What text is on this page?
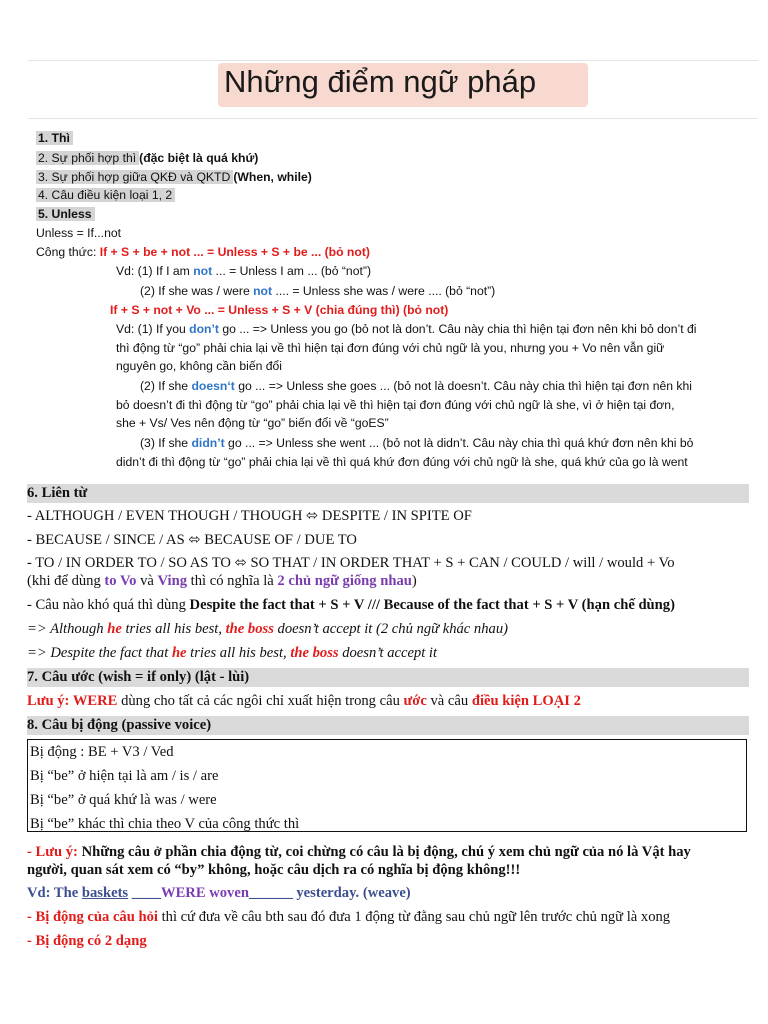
Những điểm ngữ pháp
1. Thì
2. Sự phối hợp thì (đặc biệt là quá khứ)
3. Sự phối hợp giữa QKĐ và QKTD (When, while)
4. Câu điều kiện loại 1, 2
5. Unless
Unless = If...not
Công thức: If + S + be + not ... = Unless + S + be ... (bỏ not)
Vd: (1) If I am not ... = Unless I am ... (bỏ “not”)
(2) If she was / were not .... = Unless she was / were .... (bỏ “not”)
If + S + not + Vo ... = Unless + S + V (chia đúng thì) (bỏ not)
Vd: (1) If you don’t go ... => Unless you go (bỏ not là don’t. Câu này chia thì hiện tại đơn nên khi bỏ don’t đi
thì động từ “go” phải chia lại về thì hiện tại đơn đúng với chủ ngữ là you, nhưng you + Vo nên vẫn giữ
nguyên go, không cần biến đổi
(2) If she doesn‘t go ... => Unless she goes ... (bỏ not là doesn’t. Câu này chia thì hiện tại đơn nên khi
bỏ doesn’t đi thì động từ “go” phải chia lại về thì hiện tại đơn đúng với chủ ngữ là she, vì ở hiện tại đơn,
she + Vs/ Ves nên động từ “go” biến đổi về “goES”
(3) If she didn’t go ... => Unless she went ... (bỏ not là didn’t. Câu này chia thì quá khứ đơn nên khi bỏ
didn’t đi thì động từ “go” phải chia lại về thì quá khứ đơn đúng với chủ ngữ là she, quá khứ của go là went
6. Liên từ
- ALTHOUGH / EVEN THOUGH / THOUGH ⬄ DESPITE / IN SPITE OF
- BECAUSE / SINCE / AS ⬄ BECAUSE OF / DUE TO
- TO / IN ORDER TO / SO AS TO ⬄ SO THAT / IN ORDER THAT + S + CAN / COULD / will / would + Vo
(khi để dùng to Vo và Ving thì có nghĩa là 2 chủ ngữ giống nhau)
- Câu nào khó quá thì dùng Despite the fact that + S + V /// Because of the fact that + S + V (hạn chế dùng)
=> Although he tries all his best, the boss doesn’t accept it (2 chủ ngữ khác nhau)
=> Despite the fact that he tries all his best, the boss doesn’t accept it
7. Câu ước (wish = if only) (lật - lùi)
Lưu ý: WERE dùng cho tất cả các ngôi chỉ xuất hiện trong câu ước và câu điều kiện LOẠI 2
8. Câu bị động (passive voice)
Bị động : BE + V3 / Ved
Bị “be” ở hiện tại là am / is / are
Bị “be” ở quá khứ là was / were
Bị “be” khác thì chia theo V của công thức thì
- Lưu ý: Những câu ở phần chia động từ, coi chừng có câu là bị động, chú ý xem chủ ngữ của nó là Vật hay
người, quan sát xem có “by” không, hoặc câu dịch ra có nghĩa bị động không!!!
Vd: The baskets ____WERE woven______ yesterday. (weave)
- Bị động của câu hỏi thì cứ đưa về câu bth sau đó đưa 1 động từ đằng sau chủ ngữ lên trước chủ ngữ là xong
- Bị động có 2 dạng
